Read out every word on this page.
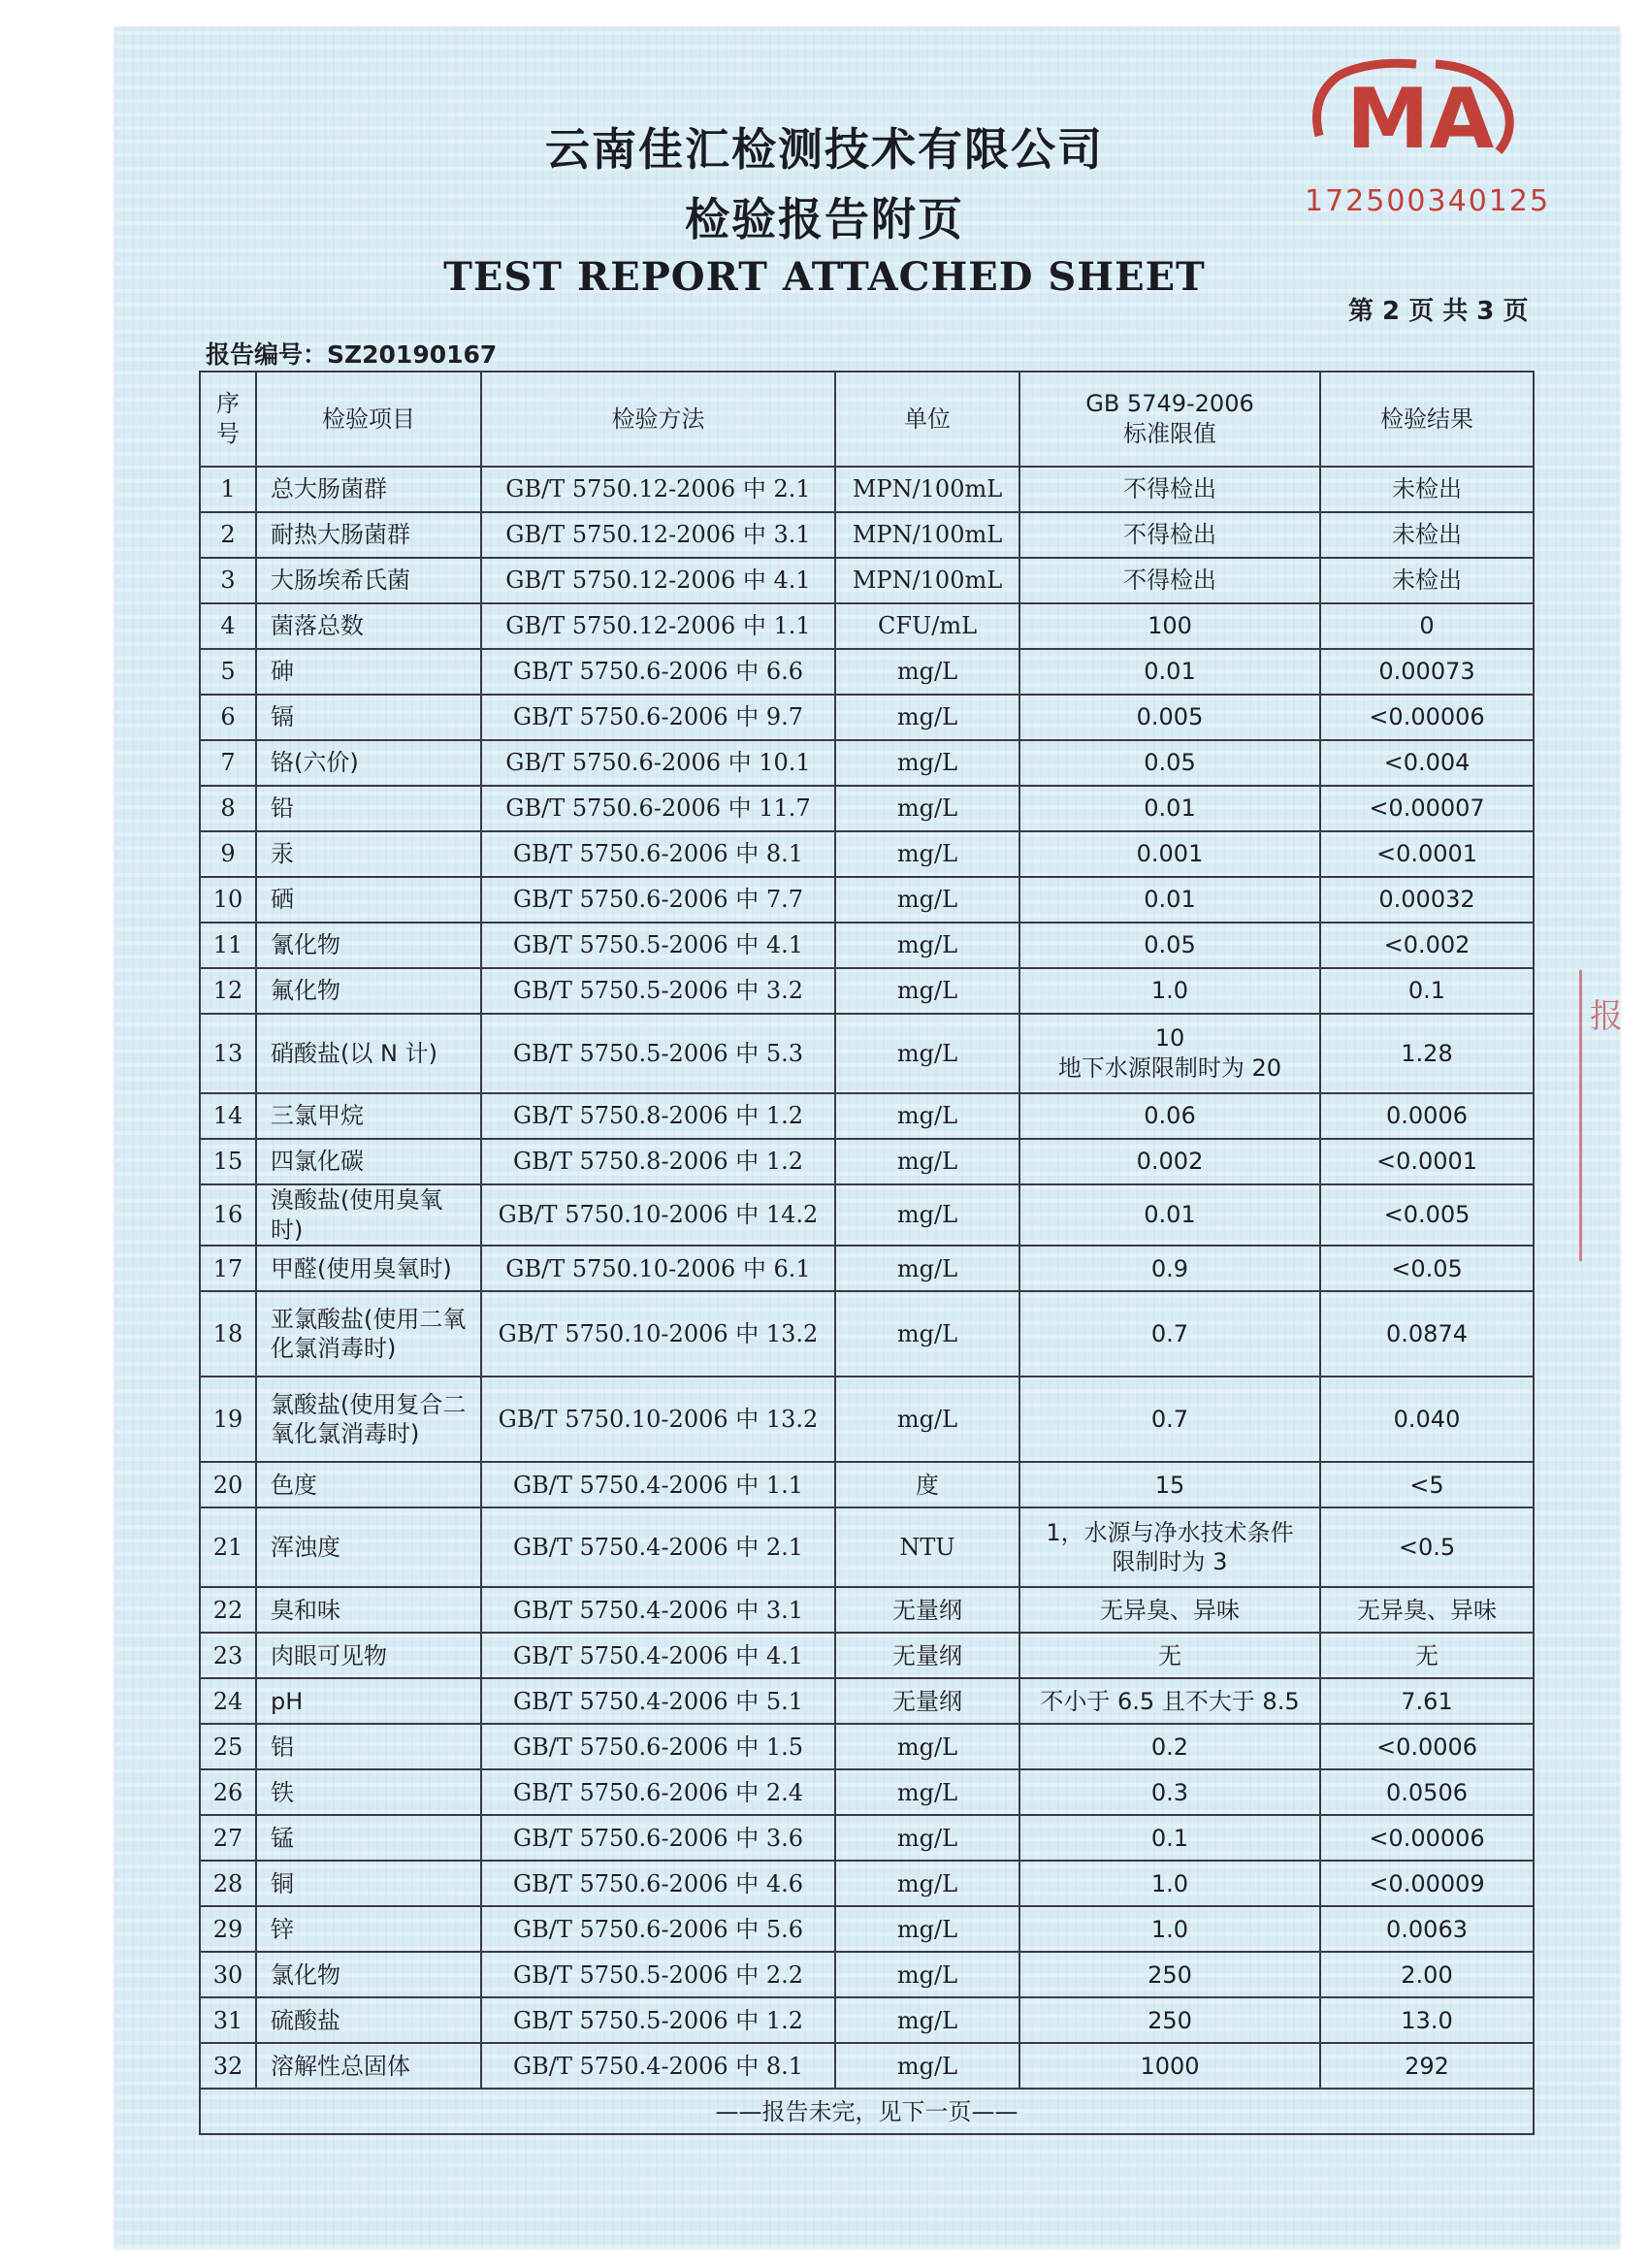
MA
172500340125
云南佳汇检测技术有限公司
检验报告附页
TEST REPORT ATTACHED SHEET
第 2 页 共 3 页
报告编号：SZ20190167
报
序号	检验项目	检验方法	单位	GB 5749-2006
标准限值	检验结果

1	总大肠菌群	GB/T 5750.12-2006 中 2.1	MPN/100mL	不得检出	未检出

2	耐热大肠菌群	GB/T 5750.12-2006 中 3.1	MPN/100mL	不得检出	未检出

3	大肠埃希氏菌	GB/T 5750.12-2006 中 4.1	MPN/100mL	不得检出	未检出

4	菌落总数	GB/T 5750.12-2006 中 1.1	CFU/mL	100	0

5	砷	GB/T 5750.6-2006 中 6.6	mg/L	0.01	0.00073

6	镉	GB/T 5750.6-2006 中 9.7	mg/L	0.005	<0.00006

7	铬(六价)	GB/T 5750.6-2006 中 10.1	mg/L	0.05	<0.004

8	铅	GB/T 5750.6-2006 中 11.7	mg/L	0.01	<0.00007

9	汞	GB/T 5750.6-2006 中 8.1	mg/L	0.001	<0.0001

10	硒	GB/T 5750.6-2006 中 7.7	mg/L	0.01	0.00032

11	氰化物	GB/T 5750.5-2006 中 4.1	mg/L	0.05	<0.002

12	氟化物	GB/T 5750.5-2006 中 3.2	mg/L	1.0	0.1

13	硝酸盐(以 N 计)	GB/T 5750.5-2006 中 5.3	mg/L	10
地下水源限制时为 20	1.28

14	三氯甲烷	GB/T 5750.8-2006 中 1.2	mg/L	0.06	0.0006

15	四氯化碳	GB/T 5750.8-2006 中 1.2	mg/L	0.002	<0.0001

16	溴酸盐(使用臭氧时)	GB/T 5750.10-2006 中 14.2	mg/L	0.01	<0.005

17	甲醛(使用臭氧时)	GB/T 5750.10-2006 中 6.1	mg/L	0.9	<0.05

18	亚氯酸盐(使用二氧
化氯消毒时)	GB/T 5750.10-2006 中 13.2	mg/L	0.7	0.0874

19	氯酸盐(使用复合二
氧化氯消毒时)	GB/T 5750.10-2006 中 13.2	mg/L	0.7	0.040

20	色度	GB/T 5750.4-2006 中 1.1	度	15	<5

21	浑浊度	GB/T 5750.4-2006 中 2.1	NTU	1，水源与净水技术条件
限制时为 3	<0.5

22	臭和味	GB/T 5750.4-2006 中 3.1	无量纲	无异臭、异味	无异臭、异味

23	肉眼可见物	GB/T 5750.4-2006 中 4.1	无量纲	无	无

24	pH	GB/T 5750.4-2006 中 5.1	无量纲	不小于 6.5 且不大于 8.5	7.61

25	铝	GB/T 5750.6-2006 中 1.5	mg/L	0.2	<0.0006

26	铁	GB/T 5750.6-2006 中 2.4	mg/L	0.3	0.0506

27	锰	GB/T 5750.6-2006 中 3.6	mg/L	0.1	<0.00006

28	铜	GB/T 5750.6-2006 中 4.6	mg/L	1.0	<0.00009

29	锌	GB/T 5750.6-2006 中 5.6	mg/L	1.0	0.0063

30	氯化物	GB/T 5750.5-2006 中 2.2	mg/L	250	2.00

31	硫酸盐	GB/T 5750.5-2006 中 1.2	mg/L	250	13.0

32	溶解性总固体	GB/T 5750.4-2006 中 8.1	mg/L	1000	292

——报告未完，见下一页——					
